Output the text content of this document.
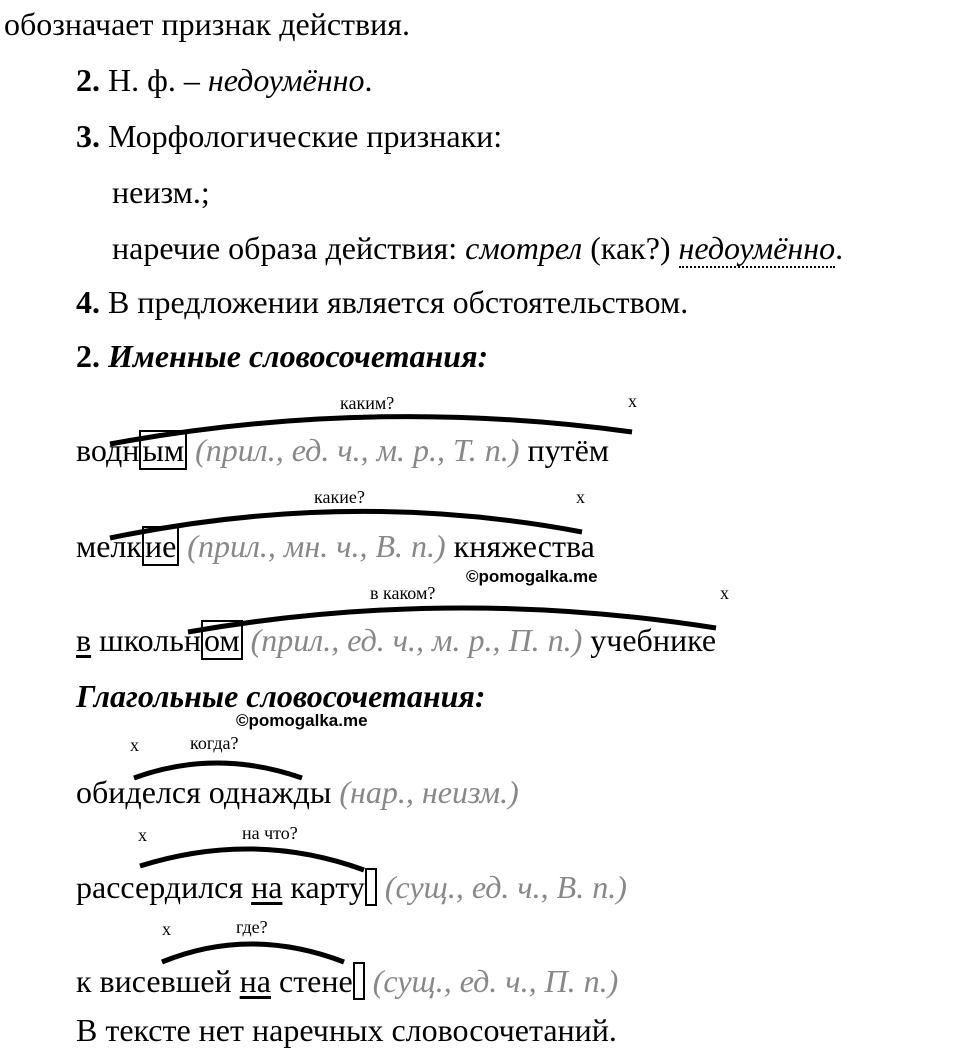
обозначает признак действия.
2. Н. ф. – недоумённо.
3. Морфологические признаки:
неизм.;
наречие образа действия: смотрел (как?) недоумённо.
4. В предложении является обстоятельством.
2. Именные словосочетания:
каким?	x
водным (прил., ед. ч., м. р., Т. п.) путём
какие?	x
мелкие (прил., мн. ч., В. п.) княжества
в каком?
©pomogalka.me
x
в школьном (прил., ед. ч., м. р., П. п.) учебнике
Глагольные словосочетания:
©pomogalka.me
x	когда?
обиделся однажды (нар., неизм.)
x	на что?
рассердился на карту (сущ., ед. ч., В. п.)
x	где?
к висевшей на стене (сущ., ед. ч., П. п.)
В тексте нет наречных словосочетаний.
